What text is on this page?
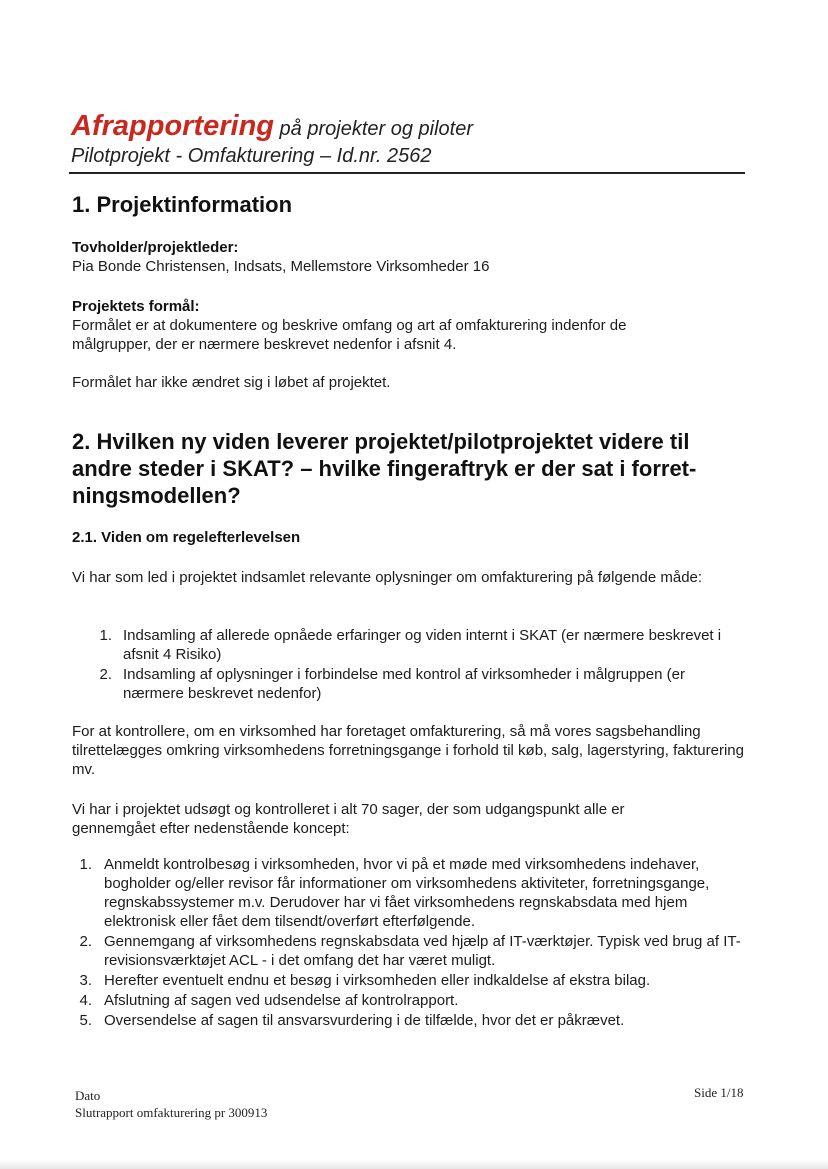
Afrapportering på projekter og piloter
Pilotprojekt - Omfakturering – Id.nr. 2562
1. Projektinformation
Tovholder/projektleder:
Pia Bonde Christensen, Indsats, Mellemstore Virksomheder 16
Projektets formål:
Formålet er at dokumentere og beskrive omfang og art af omfakturering indenfor de målgrupper, der er nærmere beskrevet nedenfor i afsnit 4.
Formålet har ikke ændret sig i løbet af projektet.
2. Hvilken ny viden leverer projektet/pilotprojektet videre til andre steder i SKAT? – hvilke fingeraftryk er der sat i forret-ningsmodellen?
2.1. Viden om regelefterlevelsen
Vi har som led i projektet indsamlet relevante oplysninger om omfakturering på følgende måde:
1. Indsamling af allerede opnåede erfaringer og viden internt i SKAT (er nærmere beskrevet i afsnit 4 Risiko)
2. Indsamling af oplysninger i forbindelse med kontrol af virksomheder i målgruppen (er nærmere beskrevet nedenfor)
For at kontrollere, om en virksomhed har foretaget omfakturering, så må vores sagsbehandling tilrettelægges omkring virksomhedens forretningsgange i forhold til køb, salg, lagerstyring, fakturering mv.
Vi har i projektet udsøgt og kontrolleret i alt 70 sager, der som udgangspunkt alle er gennemgået efter nedenstående koncept:
1. Anmeldt kontrolbesøg i virksomheden, hvor vi på et møde med virksomhedens indehaver, bogholder og/eller revisor får informationer om virksomhedens aktiviteter, forretningsgange, regnskabssystemer m.v. Derudover har vi fået virksomhedens regnskabsdata med hjem elektronisk eller fået dem tilsendt/overført efterfølgende.
2. Gennemgang af virksomhedens regnskabsdata ved hjælp af IT-værktøjer. Typisk ved brug af IT-revisionsværktøjet ACL - i det omfang det har været muligt.
3. Herefter eventuelt endnu et besøg i virksomheden eller indkaldelse af ekstra bilag.
4. Afslutning af sagen ved udsendelse af kontrolrapport.
5. Oversendelse af sagen til ansvarsvurdering i de tilfælde, hvor det er påkrævet.
Dato
Slutrapport omfakturering pr 300913
Side 1/18
